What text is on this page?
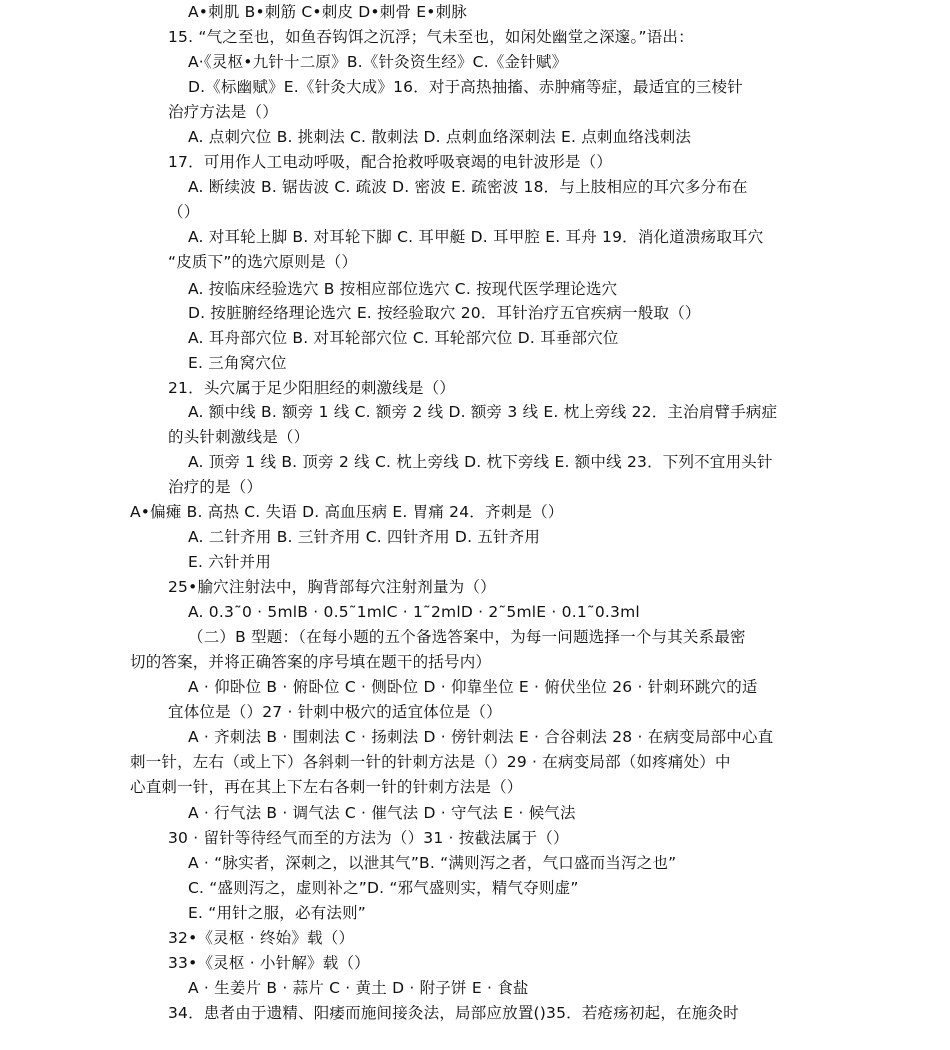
A•刺肌 B•刺筋 C•刺皮 D•刺骨 E•刺脉

15. “气之至也，如鱼吞钩饵之沉浮；气未至也，如闲处幽堂之深邃。”语出：

A·《灵枢•九针十二原》B.《针灸资生经》C.《金针赋》

D.《标幽赋》E.《针灸大成》16．对于高热抽搐、赤肿痛等症，最适宜的三棱针

治疗方法是（）

A. 点刺穴位 B. 挑刺法 C. 散刺法 D. 点刺血络深刺法 E. 点刺血络浅刺法

17．可用作人工电动呼吸，配合抢救呼吸衰竭的电针波形是（）

A. 断续波 B. 锯齿波 C. 疏波 D. 密波 E. 疏密波 18．与上肢相应的耳穴多分布在

（）

A. 对耳轮上脚 B. 对耳轮下脚 C. 耳甲艇 D. 耳甲腔 E. 耳舟 19．消化道溃疡取耳穴

“皮质下”的选穴原则是（）

A. 按临床经验选穴 B 按相应部位选穴 C. 按现代医学理论选穴

D. 按脏腑经络理论选穴 E. 按经验取穴 20．耳针治疗五官疾病一般取（）

A. 耳舟部穴位 B. 对耳轮部穴位 C. 耳轮部穴位 D. 耳垂部穴位

E. 三角窝穴位

21．头穴属于足少阳胆经的刺激线是（）

A. 额中线 B. 额旁 1 线 C. 额旁 2 线 D. 额旁 3 线 E. 枕上旁线 22．主治肩臂手病症

的头针刺激线是（）

A. 顶旁 1 线 B. 顶旁 2 线 C. 枕上旁线 D. 枕下旁线 E. 额中线 23．下列不宜用头针

治疗的是（）

A•偏瘫 B. 高热 C. 失语 D. 高血压病 E. 胃痛 24．齐刺是（）

A. 二针齐用 B. 三针齐用 C. 四针齐用 D. 五针齐用

E. 六针并用

25•腧穴注射法中，胸背部每穴注射剂量为（）

A. 0.3˜0 · 5mlB · 0.5˜1mlC · 1˜2mlD · 2˜5mlE · 0.1˜0.3ml

（二）B 型题：（在每小题的五个备选答案中，为每一问题选择一个与其关系最密

切的答案，并将正确答案的序号填在题干的括号内）

A · 仰卧位 B · 俯卧位 C · 侧卧位 D · 仰靠坐位 E · 俯伏坐位 26 · 针刺环跳穴的适

宜体位是（）27 · 针刺中极穴的适宜体位是（）

A · 齐刺法 B · 围刺法 C · 扬刺法 D · 傍针刺法 E · 合谷刺法 28 · 在病变局部中心直

刺一针，左右（或上下）各斜刺一针的针刺方法是（）29 · 在病变局部（如疼痛处）中

心直刺一针，再在其上下左右各刺一针的针刺方法是（）

A · 行气法 B · 调气法 C · 催气法 D · 守气法 E · 候气法

30 · 留针等待经气而至的方法为（）31 · 按截法属于（）

A · “脉实者，深刺之，以泄其气”B. “满则泻之者，气口盛而当泻之也”

C. “盛则泻之，虚则补之”D. “邪气盛则实，精气夺则虚”

E. “用针之服，必有法则”

32•《灵枢 · 终始》载（）

33•《灵枢 · 小针解》载（）

A · 生姜片 B · 蒜片 C · 黄土 D · 附子饼 E · 食盐

34．患者由于遗精、阳痿而施间接灸法，局部应放置()35．若疮疡初起，在施灸时
